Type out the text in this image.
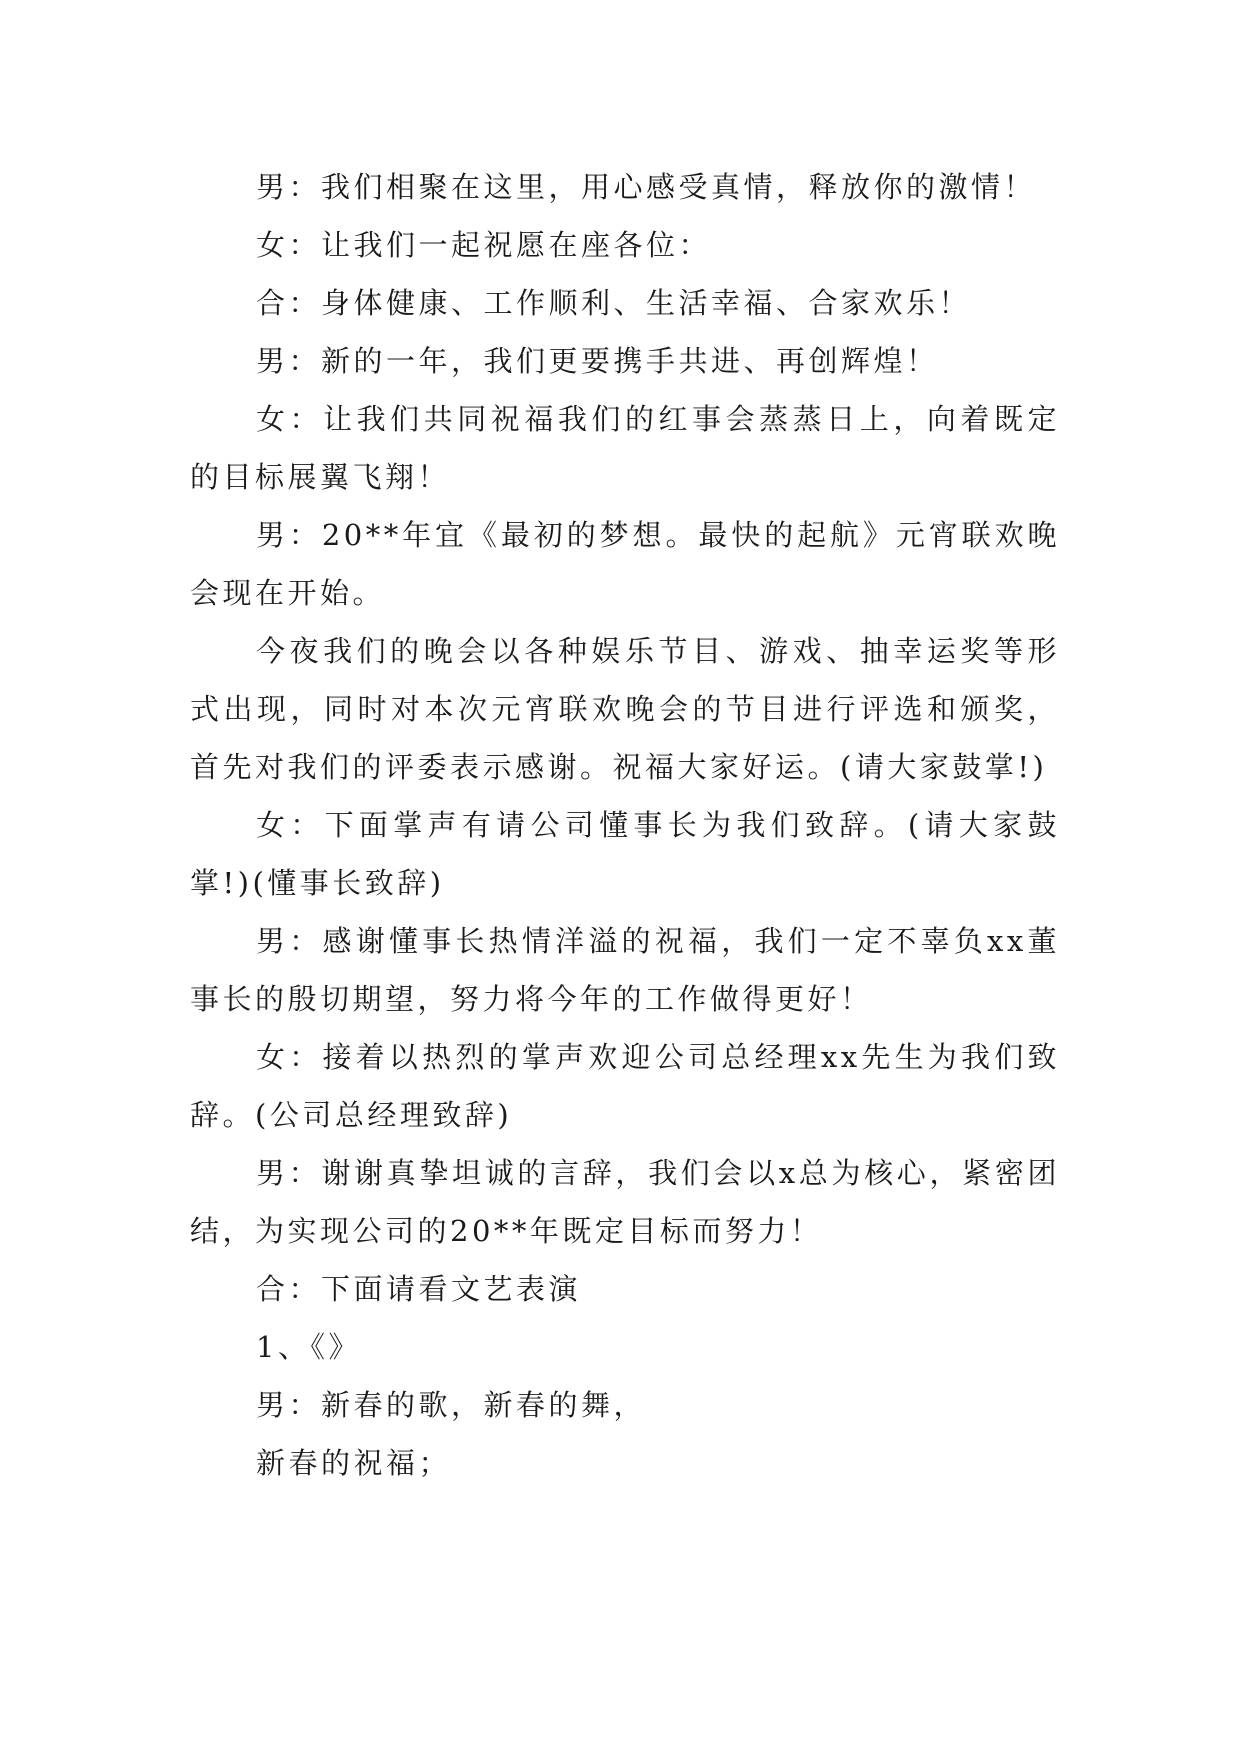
男：我们相聚在这里，用心感受真情，释放你的激情！

女：让我们一起祝愿在座各位：

合：身体健康、工作顺利、生活幸福、合家欢乐！

男：新的一年，我们更要携手共进、再创辉煌！

女：让我们共同祝福我们的红事会蒸蒸日上，向着既定的目标展翼飞翔！

男：20**年宜《最初的梦想。最快的起航》元宵联欢晚会现在开始。

今夜我们的晚会以各种娱乐节目、游戏、抽幸运奖等形式出现，同时对本次元宵联欢晚会的节目进行评选和颁奖，首先对我们的评委表示感谢。祝福大家好运。(请大家鼓掌!)

女：下面掌声有请公司懂事长为我们致辞。(请大家鼓掌!)(懂事长致辞)

男：感谢懂事长热情洋溢的祝福，我们一定不辜负xx董事长的殷切期望，努力将今年的工作做得更好！

女：接着以热烈的掌声欢迎公司总经理xx先生为我们致辞。(公司总经理致辞)

男：谢谢真挚坦诚的言辞，我们会以x总为核心，紧密团结，为实现公司的20**年既定目标而努力！

合：下面请看文艺表演

1、《》

男：新春的歌，新春的舞，

新春的祝福；
